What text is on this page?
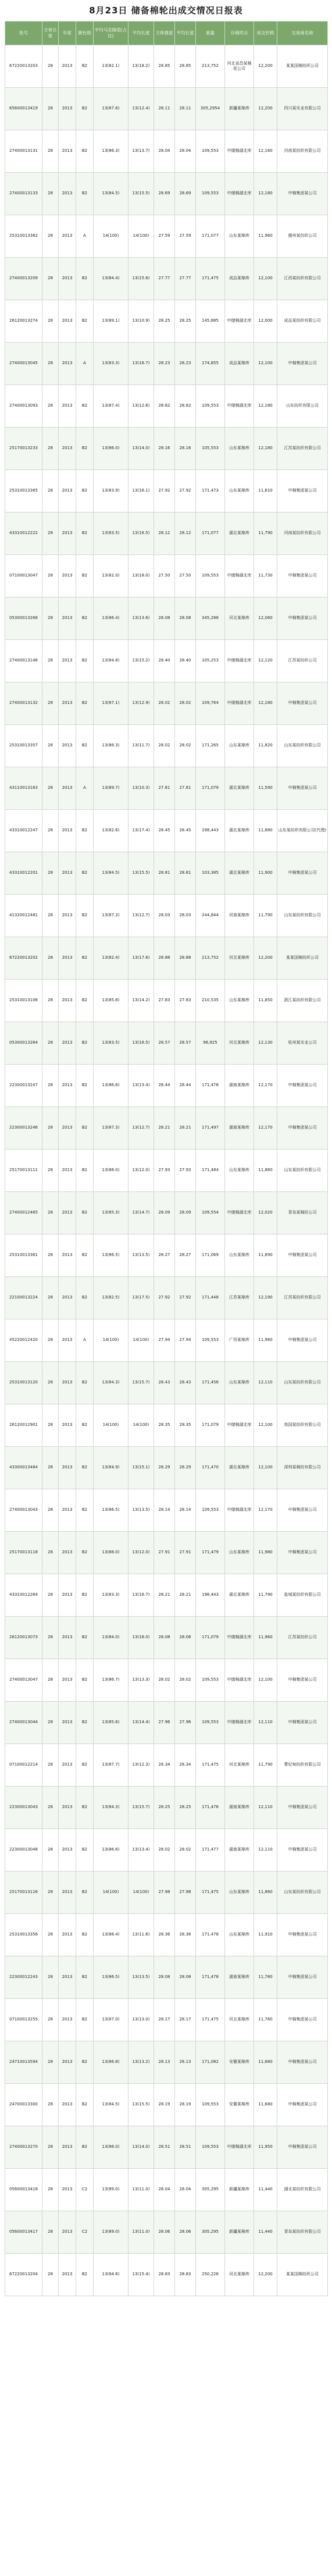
8月23日 储备棉轮出成交情况日报表
批号	主体长度	年度	颜色级	平均马克隆值(占比)	平均长度	主体强度	平均长度	重量	存储库点	成交价格	交易商名称
67220013203	28	2013	B2	13(82.1)	13(18.2)	28.85	28.85	213,752	河北省昌某棉花公司	12,200	某某国棉纺织公司
65600013419	28	2013	B2	13(87.6)	13(12.4)	28.11	28.11	305,2954	新疆某棉库	12,200	四川某实业有限公司
27400013131	28	2013	B2	13(86.3)	13(13.7)	28.04	28.04	109,553	中储棉湖北库	12,160	河南某纺织有限公司
27400013133	28	2013	B2	13(84.5)	13(15.5)	28.69	28.69	109,553	中储棉湖北库	12,180	中棉集团某公司
25310013362	28	2013	A	14(100)	14(100)	27.59	27.59	171,077	山东某棉库	11,960	德州某纺织公司
27400013209	28	2013	B2	13(84.4)	13(15.6)	27.77	27.77	171,475	成品某棉库	12,100	江西某纺织有限公司
26120013274	28	2013	B2	13(89.1)	13(10.9)	28.25	28.25	145,885	中储棉湖北库	12,000	成品某纺织有限公司
27400013045	28	2013	A	13(83.3)	13(16.7)	28.23	28.23	174,855	成品某棉库	12,100	中棉集团某公司
27400013093	28	2013	B2	13(87.4)	13(12.6)	28.82	28.82	109,553	中储棉湖北库	12,180	山东纺织有限公司
25170013233	28	2013	B2	13(86.0)	13(14.0)	28.16	28.16	105,553	山东某棉库	12,180	江苏某纺织有限公司
25310013365	28	2013	B2	13(83.9)	13(16.1)	27.92	27.92	171,473	山东某棉库	11,610	中棉集团某公司
43310012222	28	2013	B2	13(83.5)	13(16.5)	28.12	28.12	171,077	湖北某棉库	11,790	河南某纺织有限公司
07100013047	28	2013	B2	13(82.0)	13(18.0)	27.50	27.50	109,553	中储棉湖北库	11,730	中棉集团某公司
05300013268	28	2013	B2	13(86.4)	13(13.6)	28.08	28.08	345,288	河北某棉库	12,060	中棉集团某公司
27400013148	28	2013	B2	13(84.8)	13(15.2)	28.40	28.40	105,253	中储棉湖北库	12,120	江苏某纺织公司
27400013132	28	2013	B2	13(87.1)	13(12.9)	28.02	28.02	109,764	中储棉湖北库	12,180	中棉集团某公司
25310013357	28	2013	B2	13(88.3)	13(11.7)	28.02	28.02	171,265	山东某棉库	11,820	山东某纺织有限公司
43110013163	28	2013	A	13(89.7)	13(10.3)	27.81	27.81	171,079	湖北某棉库	11,590	中棉集团某公司
43310012247	28	2013	B2	13(82.6)	13(17.4)	28.45	28.45	198,443	湖北某棉库	11,680	山东某纺织有限公司(代理)
43310012201	28	2013	B2	13(84.5)	13(15.5)	28.81	28.81	103,385	湖北某棉库	11,900	中棉集团某公司
41320012481	28	2013	B2	13(87.3)	13(12.7)	28.03	28.03	244,844	河南某棉库	11,790	山东某纺织有限公司
67220013202	28	2013	B2	13(82.4)	13(17.6)	28.88	28.88	213,752	河北某棉库	12,200	某某国棉纺织公司
25310013106	28	2013	B2	13(85.8)	13(14.2)	27.83	27.83	210,535	山东某棉库	11,850	浙江某纺织有限公司
05300013264	28	2013	B2	13(83.5)	13(16.5)	28.57	28.57	96,925	河北某棉库	12,130	杭州某实业公司
22300013247	28	2013	B2	13(86.6)	13(13.4)	28.44	28.44	171,478	湖南某棉库	12,170	中棉集团某公司
22300013246	28	2013	B2	13(87.3)	13(12.7)	28.21	28.21	171,497	湖南某棉库	12,170	中棉集团某公司
25170013111	28	2013	B2	13(88.0)	13(12.0)	27.93	27.93	171,484	山东某棉库	11,860	山东某纺织有限公司
27400012465	28	2013	B2	13(85.3)	13(14.7)	28.09	28.09	109,554	中储棉湖北库	12,020	青岛某棉纺公司
25310013361	28	2013	B2	13(86.5)	13(13.5)	28.27	28.27	171,069	山东某棉库	11,890	中棉集团某公司
22100013224	28	2013	B2	13(82.5)	13(17.5)	27.92	27.92	171,448	江苏某棉库	12,190	江苏某纺织有限公司
45220012420	28	2013	A	14(100)	14(100)	27.94	27.94	109,553	广西某棉库	11,960	中棉集团某公司
25310013120	28	2013	B2	13(84.3)	13(15.7)	28.43	28.43	171,456	山东某棉库	12,110	山东某纺织有限公司
26120012901	28	2013	B2	14(100)	14(100)	28.35	28.35	171,079	中储棉湖北库	12,100	我国某纺织有限公司
43300013484	28	2013	B2	13(84.9)	13(15.1)	28.29	28.29	171,470	湖北某棉库	12,100	深圳某棉纺有限公司
27400013043	28	2013	B2	13(86.5)	13(13.5)	28.14	28.14	109,553	中储棉湖北库	12,170	中棉集团某公司
25170013118	28	2013	B2	13(88.0)	13(12.0)	27.91	27.91	171,479	山东某棉库	11,980	中棉集团某公司
43310012264	28	2013	B2	13(83.3)	13(16.7)	28.21	28.21	198,443	湖北某棉库	11,790	盐城某纺织有限公司
26120013073	28	2013	B2	13(84.0)	13(16.0)	28.08	28.08	171,079	中储棉湖北库	11,960	江苏某纺织公司
27400013047	28	2013	B2	13(86.7)	13(13.3)	28.02	28.02	109,553	中储棉湖北库	12,100	中棉集团某公司
27400013044	28	2013	B2	13(85.6)	13(14.4)	27.96	27.96	109,553	中储棉湖北库	12,110	中棉集团某公司
07100012214	28	2013	B2	13(87.7)	13(12.3)	28.34	28.34	171,475	河北某棉库	11,790	曹妃甸纺织有限公司
22300013043	28	2013	B2	13(84.3)	13(15.7)	28.25	28.25	171,476	湖南某棉库	12,110	中棉集团某公司
22300013048	28	2013	B2	13(86.6)	13(13.4)	28.02	28.02	171,477	湖南某棉库	12,110	中棉集团某公司
25170013116	28	2013	B2	14(100)	14(100)	27.98	27.98	171,475	山东某棉库	11,860	山东某纺织有限公司
25310013356	28	2013	B2	13(88.4)	13(11.6)	28.36	28.36	171,478	山东某棉库	11,910	中棉集团某公司
22300012243	28	2013	B2	13(86.5)	13(13.5)	28.08	28.08	171,478	湖南某棉库	11,780	中棉集团某公司
07100013255	28	2013	B2	13(87.0)	13(13.0)	28.17	28.17	171,475	河北某棉库	11,760	中棉集团某公司
24710013594	28	2013	B2	13(86.8)	13(13.2)	28.13	28.13	171,082	安徽某棉库	11,680	中棉集团某公司
24700013300	28	2013	B2	13(84.5)	13(15.5)	28.19	28.19	109,553	安徽某棉库	11,680	中棉集团某公司
27400013270	28	2013	B2	13(86.0)	13(14.0)	28.51	28.51	109,553	中储棉湖北库	11,950	中棉集团某公司
05600013418	28	2013	C2	13(89.0)	13(11.0)	28.04	28.04	305,295	新疆某棉库	11,440	湖北某纺织有限公司
05600013417	28	2013	C2	13(89.0)	13(11.0)	28.06	28.06	305,295	新疆某棉库	11,440	青岛某纺织有限公司
67220013204	28	2013	B2	13(84.6)	13(15.4)	28.83	28.83	250,226	河北某棉库	12,200	某某国棉纺织公司
